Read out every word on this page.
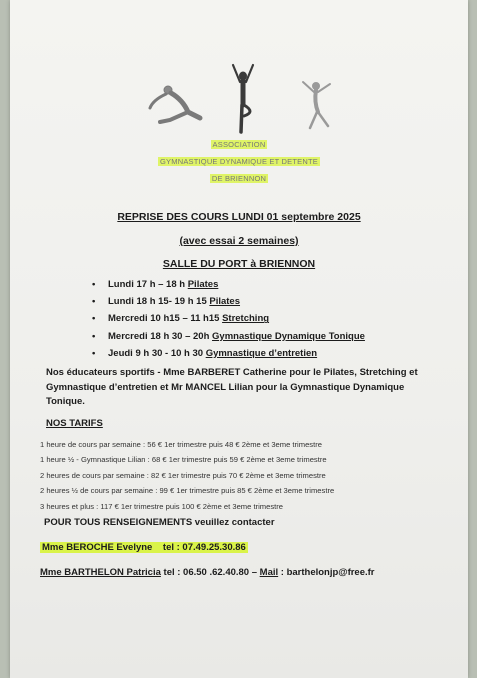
ASSOCIATION
GYMNASTIQUE DYNAMIQUE ET DETENTE
DE BRIENNON
REPRISE DES COURS LUNDI 01 septembre 2025
(avec essai 2 semaines)
SALLE DU PORT à BRIENNON
• Lundi 17 h – 18 h Pilates
• Lundi 18 h 15- 19 h 15 Pilates
• Mercredi 10 h15 – 11 h15 Stretching
• Mercredi 18 h 30 – 20h Gymnastique Dynamique Tonique
• Jeudi 9 h 30 - 10 h 30 Gymnastique d’entretien
Nos éducateurs sportifs - Mme BARBERET Catherine pour le Pilates, Stretching et Gymnastique d’entretien et Mr MANCEL Lilian pour la Gymnastique Dynamique Tonique.
NOS TARIFS
1 heure de cours par semaine : 56 € 1er trimestre puis 48 € 2ème et 3eme trimestre
1 heure ½ - Gymnastique Lilian : 68 € 1er trimestre puis 59 € 2ème et 3eme trimestre
2 heures de cours par semaine : 82 € 1er trimestre puis 70 € 2ème et 3eme trimestre
2 heures ½ de cours par semaine : 99 € 1er trimestre puis 85 € 2ème et 3eme trimestre
3 heures et plus : 117 € 1er trimestre puis 100 € 2ème et 3eme trimestre
POUR TOUS RENSEIGNEMENTS veuillez contacter
Mme BEROCHE Evelyne tel : 07.49.25.30.86
Mme BARTHELON Patricia tel : 06.50 .62.40.80 – Mail : barthelonjp@free.fr
